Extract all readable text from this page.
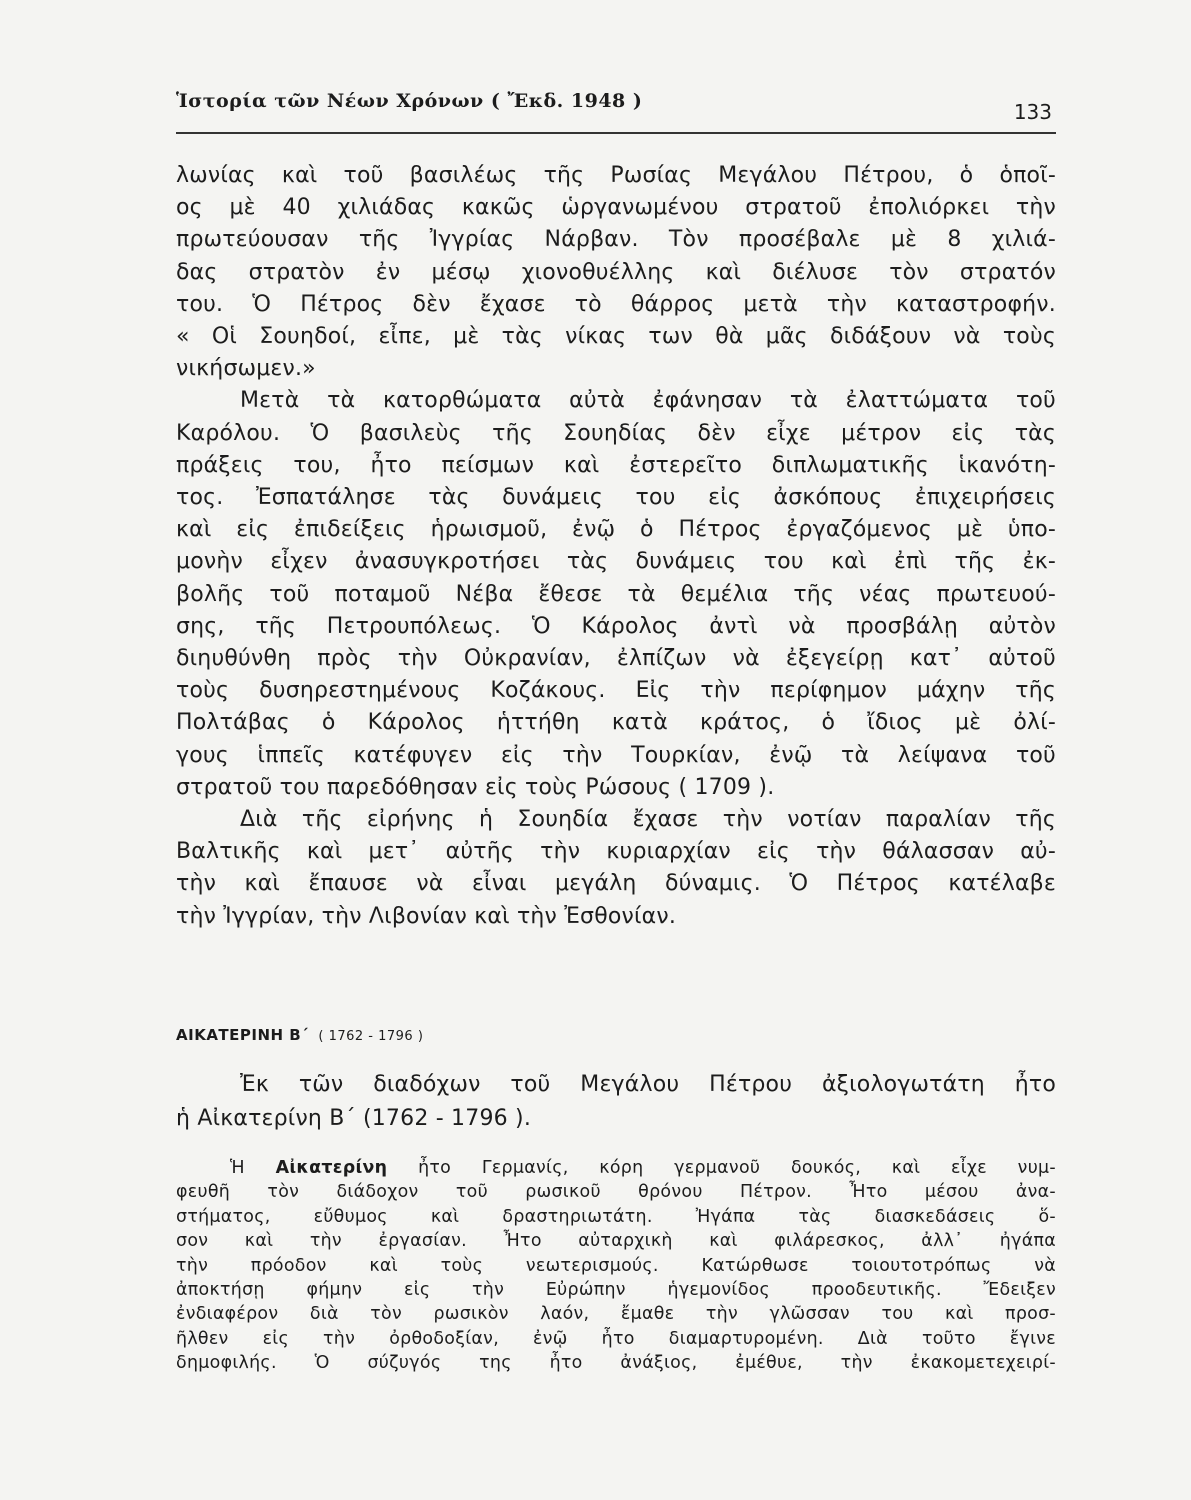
Ἱστορία τῶν Νέων Χρόνων ( Ἔκδ. 1948 )	133
λωνίας καὶ τοῦ βασιλέως τῆς Ρωσίας Μεγάλου Πέτρου, ὁ ὁποῖ-
ος μὲ 40 χιλιάδας κακῶς ὡργανωμένου στρατοῦ ἐπολιόρκει τὴν
πρωτεύουσαν τῆς Ἰγγρίας Νάρβαν. Τὸν προσέβαλε μὲ 8 χιλιά-
δας στρατὸν ἐν μέσῳ χιονοθυέλλης καὶ διέλυσε τὸν στρατόν
του. Ὁ Πέτρος δὲν ἔχασε τὸ θάρρος μετὰ τὴν καταστροφήν.
« Οἱ Σουηδοί, εἶπε, μὲ τὰς νίκας των θὰ μᾶς διδάξουν νὰ τοὺς
νικήσωμεν.»
Μετὰ τὰ κατορθώματα αὐτὰ ἐφάνησαν τὰ ἐλαττώματα τοῦ
Καρόλου. Ὁ βασιλεὺς τῆς Σουηδίας δὲν εἶχε μέτρον εἰς τὰς
πράξεις του, ἦτο πείσμων καὶ ἐστερεῖτο διπλωματικῆς ἱκανότη-
τος. Ἐσπατάλησε τὰς δυνάμεις του εἰς ἀσκόπους ἐπιχειρήσεις
καὶ εἰς ἐπιδείξεις ἡρωισμοῦ, ἐνῷ ὁ Πέτρος ἐργαζόμενος μὲ ὑπο-
μονὴν εἶχεν ἀνασυγκροτήσει τὰς δυνάμεις του καὶ ἐπὶ τῆς ἐκ-
βολῆς τοῦ ποταμοῦ Νέβα ἔθεσε τὰ θεμέλια τῆς νέας πρωτευού-
σης, τῆς Πετρουπόλεως. Ὁ Κάρολος ἀντὶ νὰ προσβάλῃ αὐτὸν
διηυθύνθη πρὸς τὴν Οὐκρανίαν, ἐλπίζων νὰ ἐξεγείρῃ κατ᾽ αὐτοῦ
τοὺς δυσηρεστημένους Κοζάκους. Εἰς τὴν περίφημον μάχην τῆς
Πολτάβας ὁ Κάρολος ἡττήθη κατὰ κράτος, ὁ ἴδιος μὲ ὀλί-
γους ἱππεῖς κατέφυγεν εἰς τὴν Τουρκίαν, ἐνῷ τὰ λείψανα τοῦ
στρατοῦ του παρεδόθησαν εἰς τοὺς Ρώσους ( 1709 ).
Διὰ τῆς εἰρήνης ἡ Σουηδία ἔχασε τὴν νοτίαν παραλίαν τῆς
Βαλτικῆς καὶ μετ᾽ αὐτῆς τὴν κυριαρχίαν εἰς τὴν θάλασσαν αὐ-
τὴν καὶ ἔπαυσε νὰ εἶναι μεγάλη δύναμις. Ὁ Πέτρος κατέλαβε
τὴν Ἰγγρίαν, τὴν Λιβονίαν καὶ τὴν Ἐσθονίαν.
ΑΙΚΑΤΕΡΙΝΗ Β΄ ( 1762 - 1796 )
Ἐκ τῶν διαδόχων τοῦ Μεγάλου Πέτρου ἀξιολογωτάτη ἦτο
ἡ Αἰκατερίνη Β΄ (1762 - 1796 ).
Ἡ Αἰκατερίνη ἦτο Γερμανίς, κόρη γερμανοῦ δουκός, καὶ εἶχε νυμ-
φευθῆ τὸν διάδοχον τοῦ ρωσικοῦ θρόνου Πέτρον. Ἦτο μέσου ἀνα-
στήματος, εὔθυμος καὶ δραστηριωτάτη. Ἠγάπα τὰς διασκεδάσεις ὅ-
σον καὶ τὴν ἐργασίαν. Ἦτο αὐταρχικὴ καὶ φιλάρεσκος, ἀλλ᾽ ἠγάπα
τὴν πρόοδον καὶ τοὺς νεωτερισμούς. Κατώρθωσε τοιουτοτρόπως νὰ
ἀποκτήσῃ φήμην εἰς τὴν Εὐρώπην ἡγεμονίδος προοδευτικῆς. Ἔδειξεν
ἐνδιαφέρον διὰ τὸν ρωσικὸν λαόν, ἔμαθε τὴν γλῶσσαν του καὶ προσ-
ῆλθεν εἰς τὴν ὀρθοδοξίαν, ἐνῷ ἦτο διαμαρτυρομένη. Διὰ τοῦτο ἔγινε
δημοφιλής. Ὁ σύζυγός της ἦτο ἀνάξιος, ἐμέθυε, τὴν ἐκακομετεχειρί-
